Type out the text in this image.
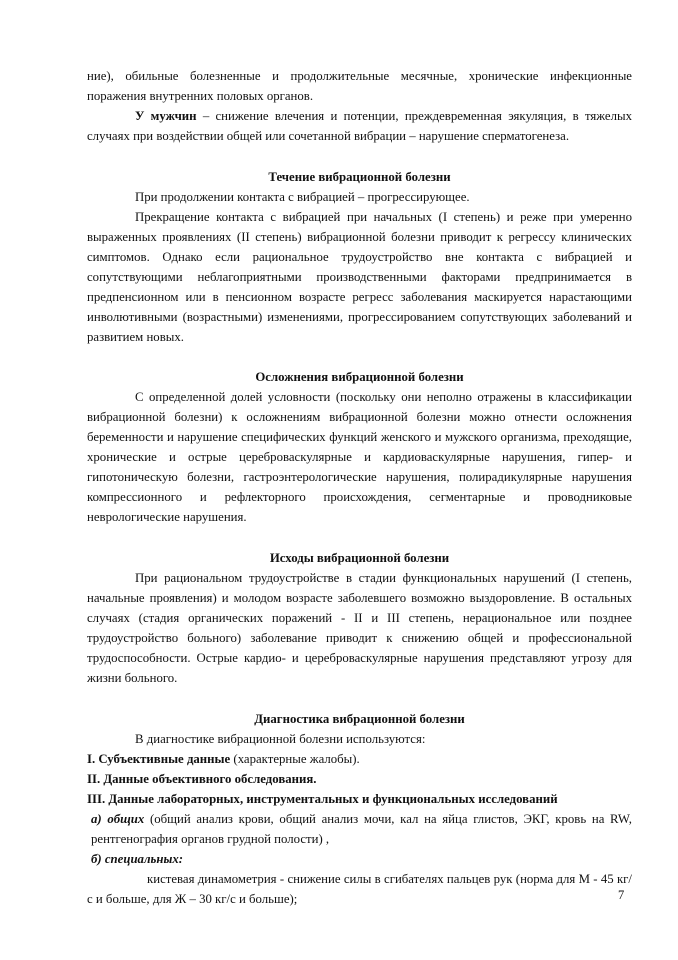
ние), обильные болезненные и продолжительные месячные, хронические инфекционные поражения внутренних половых органов.

У мужчин – снижение влечения и потенции, преждевременная эякуляция, в тяжелых случаях при воздействии общей или сочетанной вибрации – нарушение сперматогенеза.

Течение вибрационной болезни

При продолжении контакта с вибрацией – прогрессирующее.

Прекращение контакта с вибрацией при начальных (I степень) и реже при умеренно выраженных проявлениях (II степень) вибрационной болезни приводит к регрессу клинических симптомов. Однако если рациональное трудоустройство вне контакта с вибрацией и сопутствующими неблагоприятными производственными факторами предпринимается в предпенсионном или в пенсионном возрасте регресс заболевания маскируется нарастающими инволютивными (возрастными) изменениями, прогрессированием сопутствующих заболеваний и развитием новых.

Осложнения вибрационной болезни

С определенной долей условности (поскольку они неполно отражены в классификации вибрационной болезни) к осложнениям вибрационной болезни можно отнести осложнения беременности и нарушение специфических функций женского и мужского организма, преходящие, хронические и острые цереброваскулярные и кардиоваскулярные нарушения, гипер- и гипотоническую болезни, гастроэнтерологические нарушения, полирадикулярные нарушения компрессионного и рефлекторного происхождения, сегментарные и проводниковые неврологические нарушения.

Исходы вибрационной болезни

При рациональном трудоустройстве в стадии функциональных нарушений (I степень, начальные проявления) и молодом возрасте заболевшего возможно выздоровление. В остальных случаях (стадия органических поражений - II и III степень, нерациональное или позднее трудоустройство больного) заболевание приводит к снижению общей и профессиональной трудоспособности. Острые кардио- и цереброваскулярные нарушения представляют угрозу для жизни больного.

Диагностика вибрационной болезни

В диагностике вибрационной болезни используются:

I. Субъективные данные (характерные жалобы).

II. Данные объективного обследования.

III. Данные лабораторных, инструментальных и функциональных исследований

а) общих (общий анализ крови, общий анализ мочи, кал на яйца глистов, ЭКГ, кровь на RW, рентгенография органов грудной полости) ,

б) специальных:

кистевая динамометрия - снижение силы в сгибателях пальцев рук (норма для М - 45 кг/с и больше, для Ж – 30 кг/с и больше);	7
